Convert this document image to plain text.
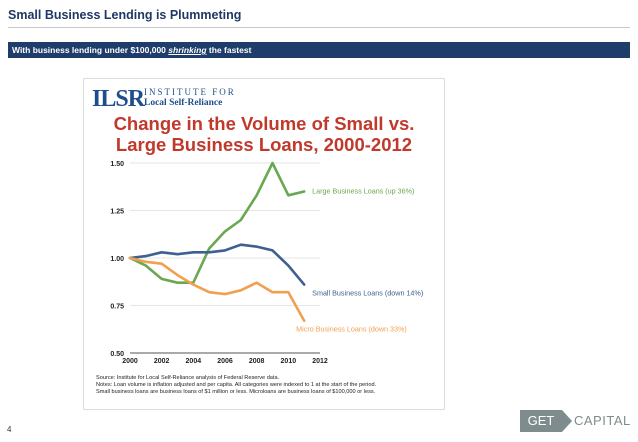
Small Business Lending is Plummeting
With business lending under $100,000 shrinking the fastest
ILSR INSTITUTE FOR
Local Self-Reliance
Change in the Volume of Small vs. Large Business Loans, 2000-2012
0.50
0.75
1.00
1.25
1.50
2000 2002 2004 2006 2008 2010 2012
Large Business Loans (up 36%)
Small Business Loans (down 14%)
Micro Business Loans (down 33%)
Source: Institute for Local Self-Reliance analysis of Federal Reserve data.
Notes: Loan volume is inflation adjusted and per capita. All categories were indexed to 1 at the start of the period.
Small business loans are business loans of $1 million or less. Microloans are business loans of $100,000 or less.
4
GET	CAPITAL
